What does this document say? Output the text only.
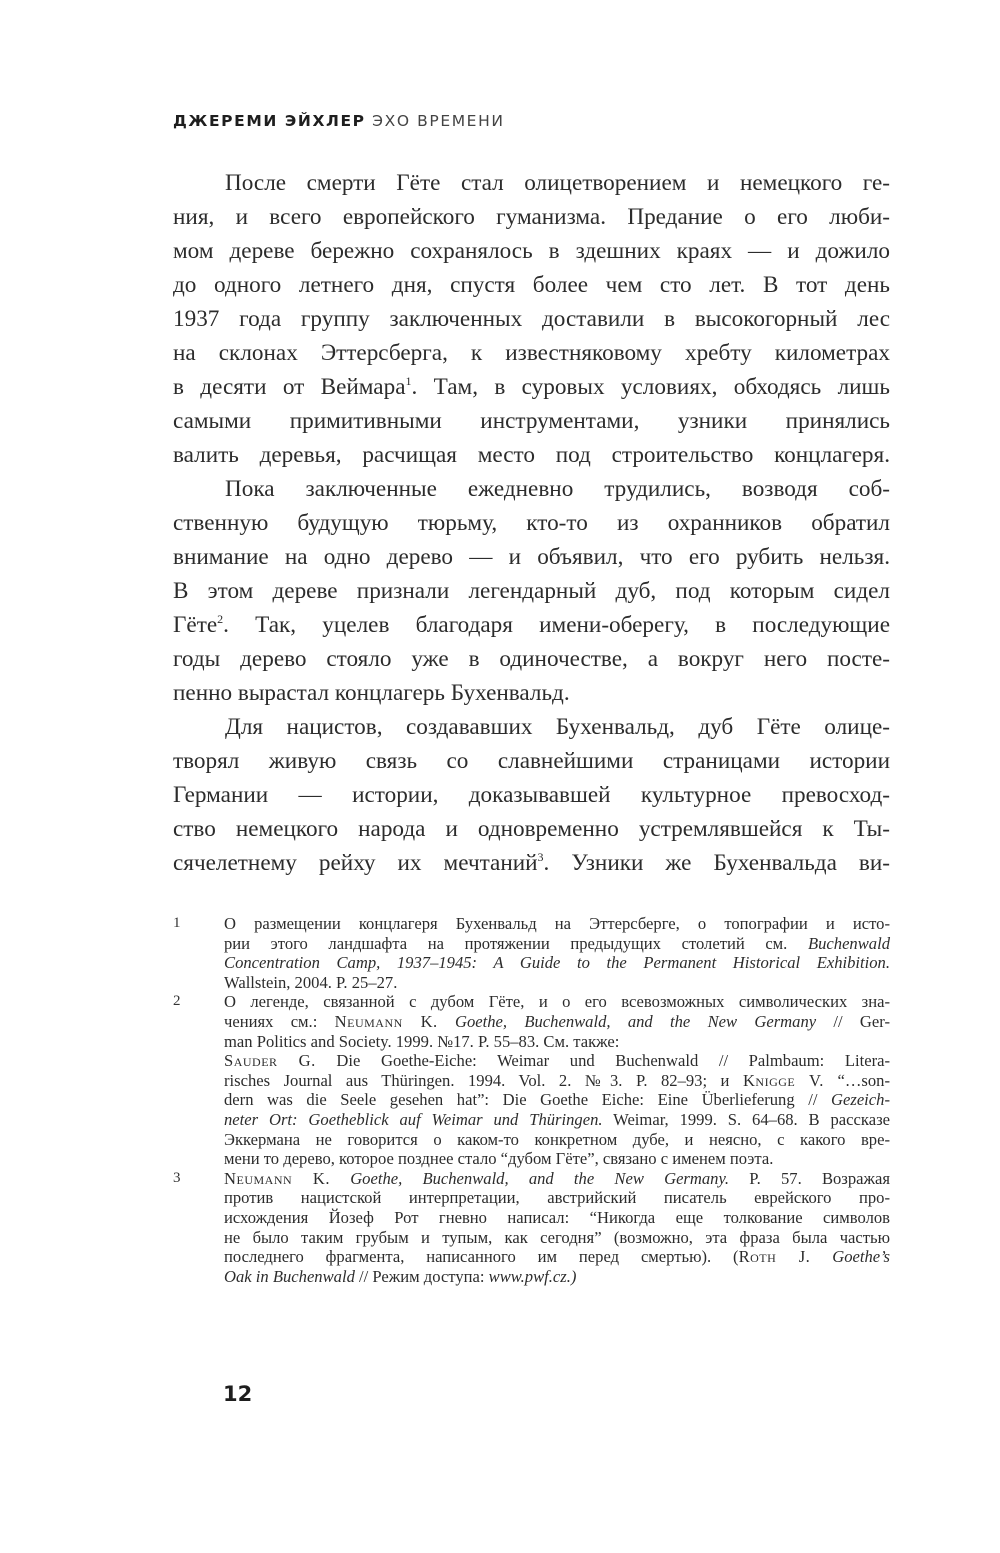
ДЖЕРЕМИ ЭЙХЛЕР ЭХО ВРЕМЕНИ
После смерти Гёте стал олицетворением и немецкого ге-
ния, и всего европейского гуманизма. Предание о его люби-
мом дереве бережно сохранялось в здешних краях — и дожило
до одного летнего дня, спустя более чем сто лет. В тот день
1937 года группу заключенных доставили в высокогорный лес
на склонах Эттерсберга, к известняковому хребту километрах
в десяти от Веймара$^1$. Там, в суровых условиях, обходясь лишь
самыми примитивными инструментами, узники принялись
валить деревья, расчищая место под строительство концлагеря.
Пока заключенные ежедневно трудились, возводя соб-
ственную будущую тюрьму, кто-то из охранников обратил
внимание на одно дерево — и объявил, что его рубить нельзя.
В этом дереве признали легендарный дуб, под которым сидел
Гёте$^2$. Так, уцелев благодаря имени-оберегу, в последующие
годы дерево стояло уже в одиночестве, а вокруг него посте-
пенно вырастал концлагерь Бухенвальд.
Для нацистов, создававших Бухенвальд, дуб Гёте олице-
творял живую связь со славнейшими страницами истории
Германии — истории, доказывавшей культурное превосход-
ство немецкого народа и одновременно устремлявшейся к Ты-
сячелетнему рейху их мечтаний$^3$. Узники же Бухенвальда ви-
1	О размещении концлагеря Бухенвальд на Эттерсберге, о топографии и исто-
рии этого ландшафта на протяжении предыдущих столетий см. Buchenwald
Concentration Camp, 1937–1945: A Guide to the Permanent Historical Exhibition.
Wallstein, 2004. P. 25–27.
2	О легенде, связанной с дубом Гёте, и о его всевозможных символических зна-
чениях см.: Neumann K. Goethe, Buchenwald, and the New Germany // Ger-
man Politics and Society. 1999. №17. P. 55–83. См. также:
Sauder G. Die Goethe-Eiche: Weimar und Buchenwald // Palmbaum: Litera-
risches Journal aus Thüringen. 1994. Vol. 2. №3. P. 82–93; и Knigge V. “…son-
dern was die Seele gesehen hat”: Die Goethe Eiche: Eine Überlieferung // Gezeich-
neter Ort: Goetheblick auf Weimar und Thüringen. Weimar, 1999. S. 64–68. В рассказе
Эккермана не говорится о каком-то конкретном дубе, и неясно, с какого вре-
мени то дерево, которое позднее стало “дубом Гёте”, связано с именем поэта.
3	Neumann K. Goethe, Buchenwald, and the New Germany. P. 57. Возражая
против нацистской интерпретации, австрийский писатель еврейского про-
исхождения Йозеф Рот гневно написал: “Никогда еще толкование символов
не было таким грубым и тупым, как сегодня” (возможно, эта фраза была частью
последнего фрагмента, написанного им перед смертью). (Roth J. Goethe’s
Oak in Buchenwald // Режим доступа: www.pwf.cz.)
12
